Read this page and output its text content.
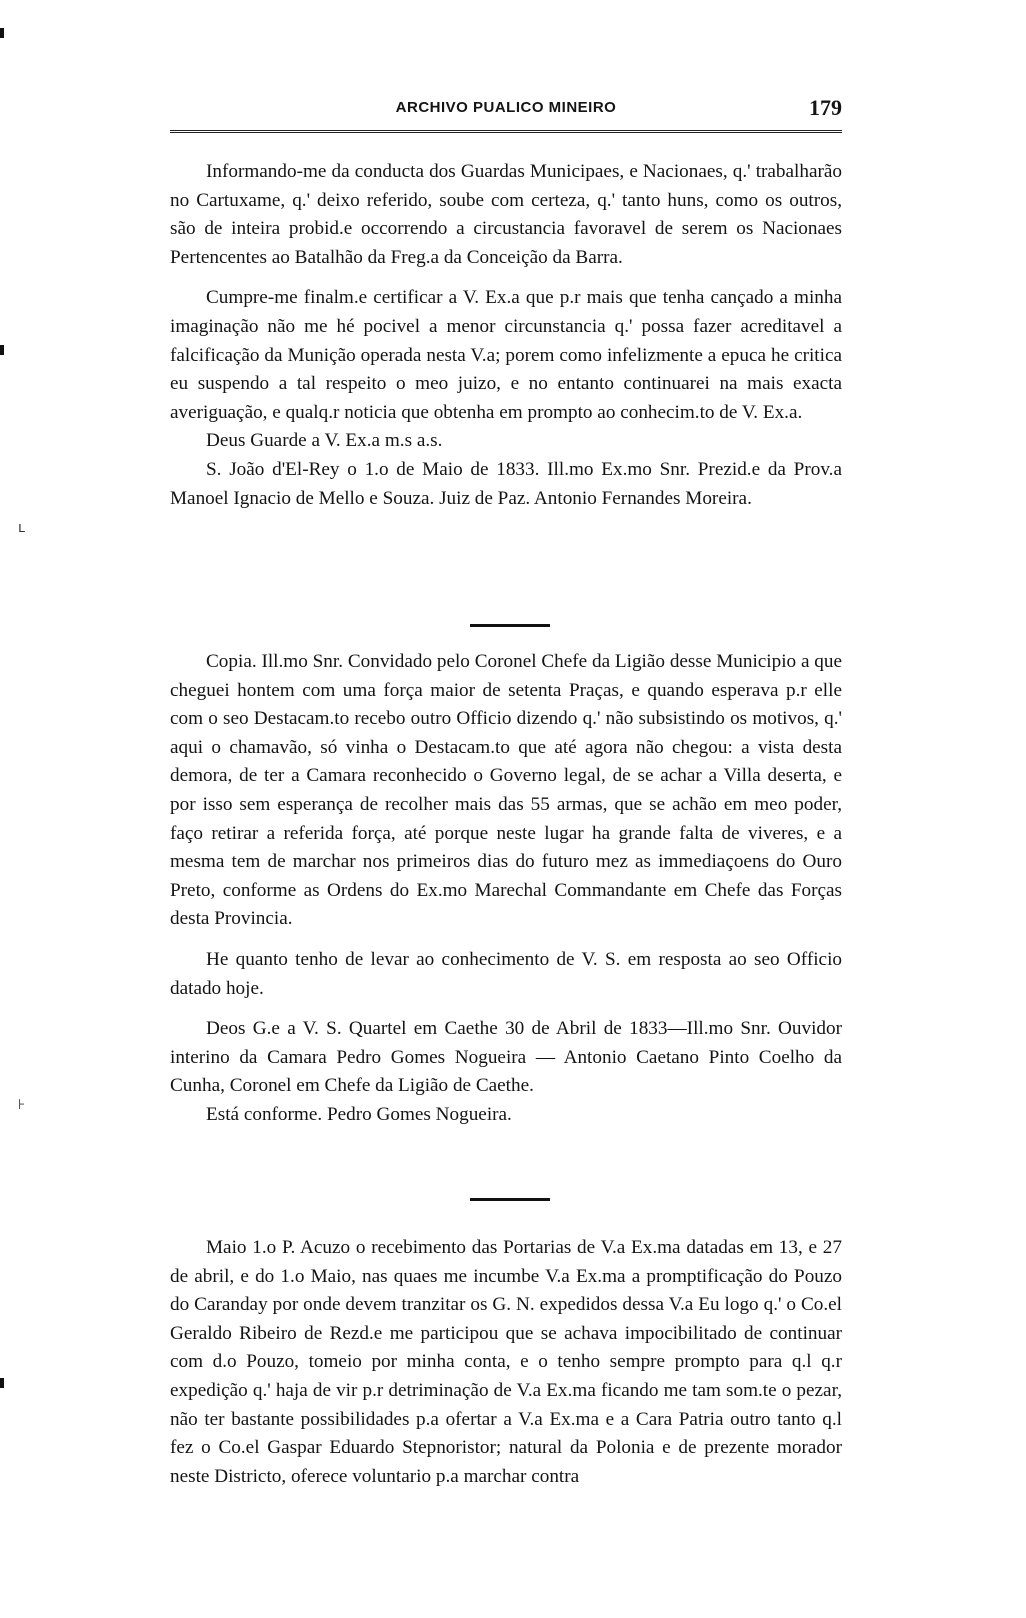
ʟ
⊦
ARCHIVO PUALICO MINEIRO	179

Informando-me da conducta dos Guardas Municipaes, e Nacionaes, q.' trabalharão no Cartuxame, q.' deixo referido, soube com certeza, q.' tanto huns, como os outros, são de inteira probid.e occorrendo a circustancia favoravel de serem os Nacionaes Pertencentes ao Batalhão da Freg.a da Conceição da Barra.

Cumpre-me finalm.e certificar a V. Ex.a que p.r mais que tenha cançado a minha imaginação não me hé pocivel a menor circunstancia q.' possa fazer acreditavel a falcificação da Munição operada nesta V.a; porem como infelizmente a epuca he critica eu suspendo a tal respeito o meo juizo, e no entanto continuarei na mais exacta averiguação, e qualq.r noticia que obtenha em prompto ao conhecim.to de V. Ex.a.

Deus Guarde a V. Ex.a m.s a.s.

S. João d'El-Rey o 1.o de Maio de 1833. Ill.mo Ex.mo Snr. Prezid.e da Prov.a Manoel Ignacio de Mello e Souza. Juiz de Paz. Antonio Fernandes Moreira.

Copia. Ill.mo Snr. Convidado pelo Coronel Chefe da Ligião desse Municipio a que cheguei hontem com uma força maior de setenta Praças, e quando esperava p.r elle com o seo Destacam.to recebo outro Officio dizendo q.' não subsistindo os motivos, q.' aqui o chamavão, só vinha o Destacam.to que até agora não chegou: a vista desta demora, de ter a Camara reconhecido o Governo legal, de se achar a Villa deserta, e por isso sem esperança de recolher mais das 55 armas, que se achão em meo poder, faço retirar a referida força, até porque neste lugar ha grande falta de viveres, e a mesma tem de marchar nos primeiros dias do futuro mez as immediaçoens do Ouro Preto, conforme as Ordens do Ex.mo Marechal Commandante em Chefe das Forças desta Provincia.

He quanto tenho de levar ao conhecimento de V. S. em resposta ao seo Officio datado hoje.

Deos G.e a V. S. Quartel em Caethe 30 de Abril de 1833—Ill.mo Snr. Ouvidor interino da Camara Pedro Gomes Nogueira — Antonio Caetano Pinto Coelho da Cunha, Coronel em Chefe da Ligião de Caethe.

Está conforme. Pedro Gomes Nogueira.

Maio 1.o P. Acuzo o recebimento das Portarias de V.a Ex.ma datadas em 13, e 27 de abril, e do 1.o Maio, nas quaes me incumbe V.a Ex.ma a promptificação do Pouzo do Caranday por onde devem tranzitar os G. N. expedidos dessa V.a Eu logo q.' o Co.el Geraldo Ribeiro de Rezd.e me participou que se achava impocibilitado de continuar com d.o Pouzo, tomeio por minha conta, e o tenho sempre prompto para q.l q.r expedição q.' haja de vir p.r detriminação de V.a Ex.ma ficando me tam som.te o pezar, não ter bastante possibilidades p.a ofertar a V.a Ex.ma e a Cara Patria outro tanto q.l fez o Co.el Gaspar Eduardo Stepnoristor; natural da Polonia e de prezente morador neste Districto, oferece voluntario p.a marchar contra
